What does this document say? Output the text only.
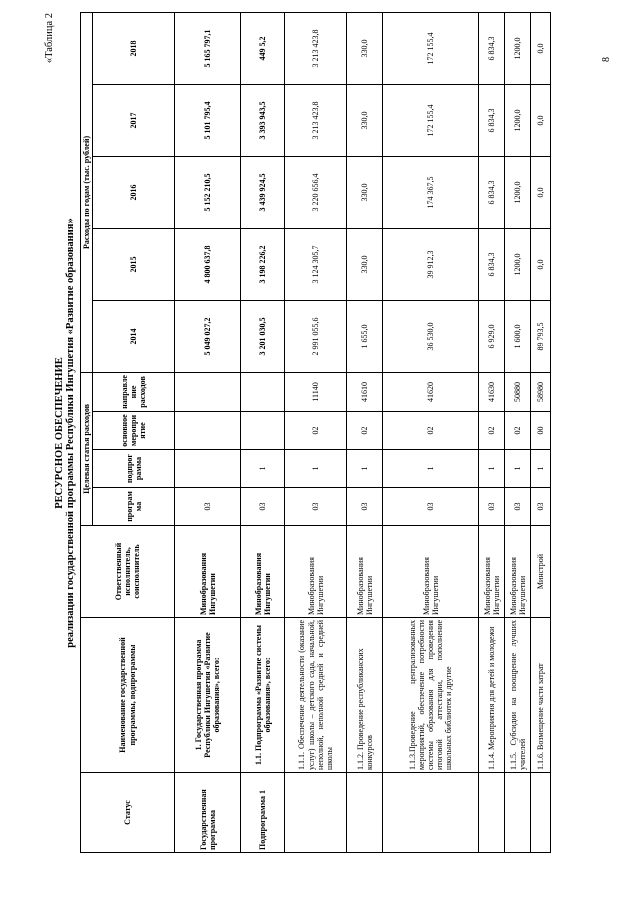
«Таблица 2
РЕСУРСНОЕ ОБЕСПЕЧЕНИЕ реализации государственной программы Республики Ингушетия «Развитие образования»
Статус	Наименование государственной программы, подпрограммы	Ответственный исполнитель, соисполнитель	Целевая статья расходов				Расходы по годам (тыс. рублей)				
			программа	подпрограмма	основное мероприятие	направление расходов	2014	2015	2016	2017	2018
Государственная программа	1. Государственная программа Республики Ингушетия «Развитие образования», всего:	Минобразования Ингушетии	03				5 049 027,2	4 800 637,8	5 152 210,5	5 101 795,4	5 165 797,1
Подпрограмма 1	1.1. Подпрограмма «Развитие системы образования», всего:	Минобразования Ингушетии	03	1			3 201 030,5	3 198 226,2	3 439 924,5	3 393 943,5	449 5,2
	1.1.1. Обеспечение деятельности (оказание услуг) школы – детского сада, начальной, неполной, неполной средней и средней школы	Минобразования Ингушетии	03	1	02	11140	2 991 055,6	3 124 305,7	3 220 656,4	3 213 423,8	3 213 423,8
	1.1.2. Проведение республиканских конкурсов	Минобразования Ингушетии	03	1	02	41610	1 655,0	330,0	330,0	330,0	330,0
	1.1.3.Проведение централизованных мероприятий, обеспечение потребности системы образования для проведения итоговой аттестации, пополнение школьных библиотек и другие	Минобразования Ингушетии	03	1	02	41620	36 530,0	39 912,3	174 367,5	172 155,4	172 155,4
	1.1.4. Мероприятия для детей и молодежи	Минобразования Ингушетии	03	1	02	41630	6 929,0	6 834,3	6 834,3	6 834,3	6 834,3
	1.1.5. Субсидии на поощрение лучших учителей	Минобразования Ингушетии	03	1	02	50880	1 600,0	1200,0	1200,0	1200,0	1200,0
	1.1.6. Возмещение части затрат	Минстрой	03	1	00	58980	89 793,5	0,0	0,0	0,0	0,0
8
